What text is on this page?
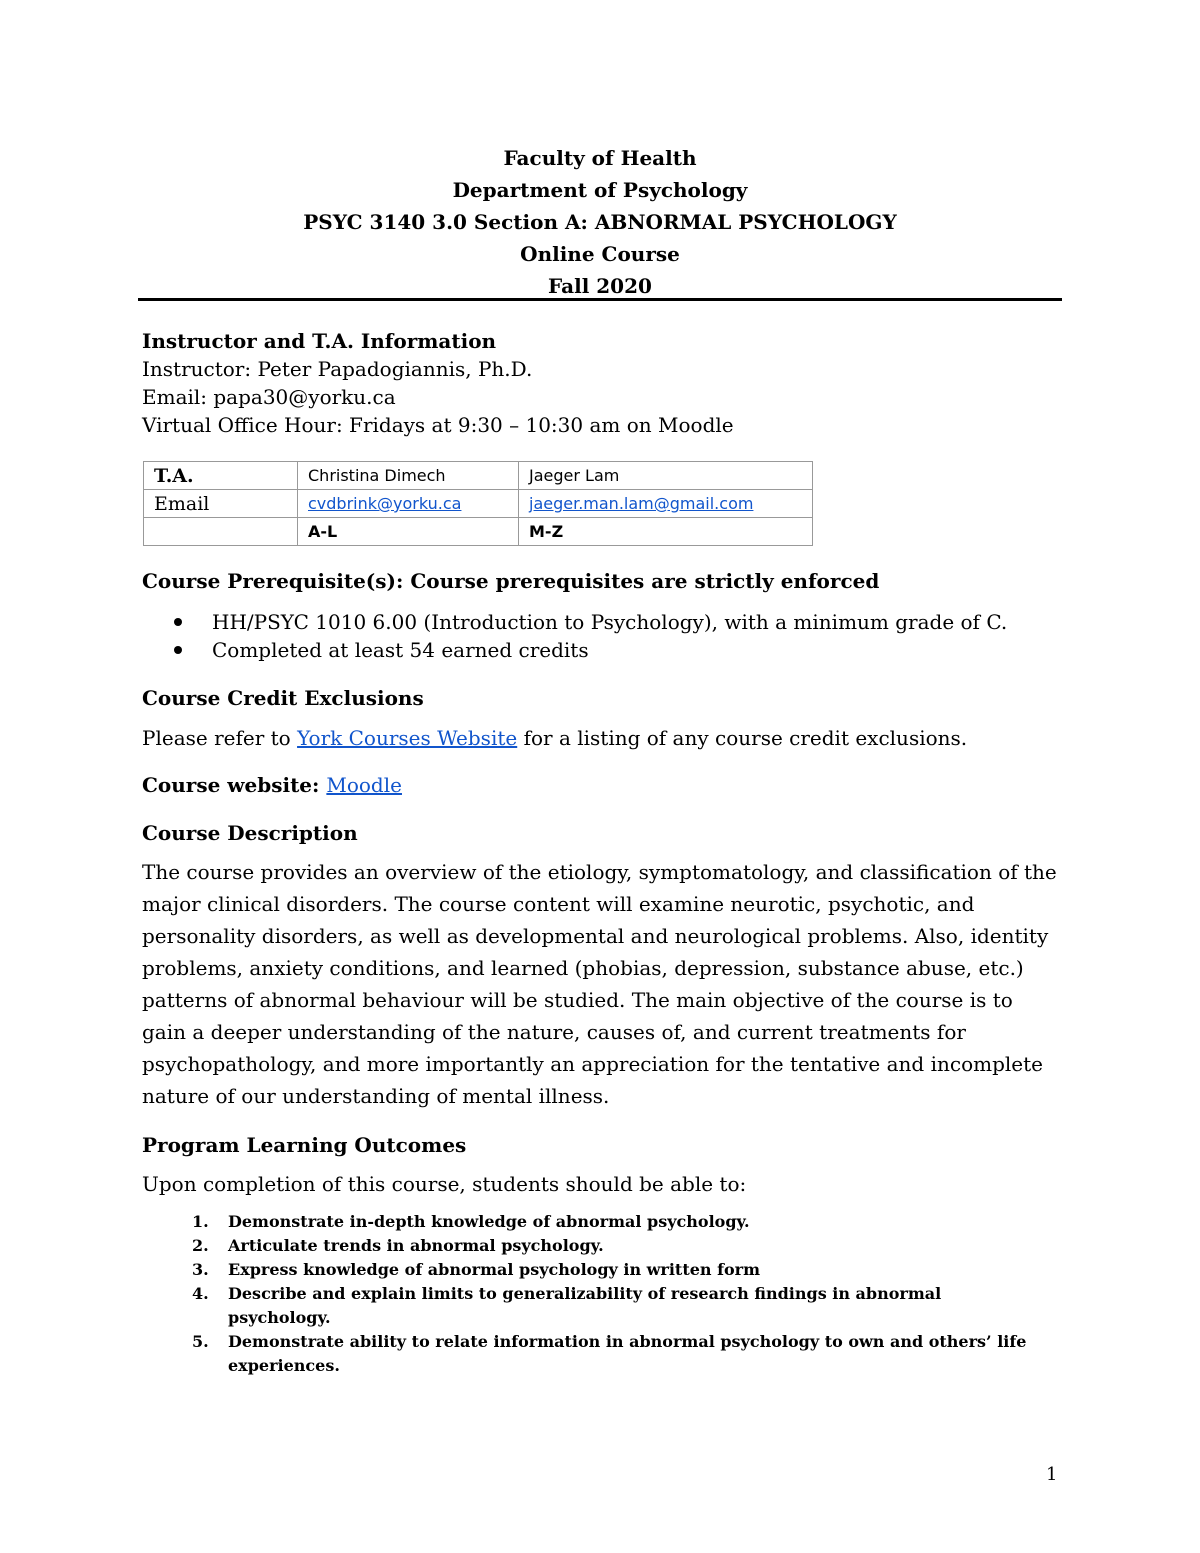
Faculty of Health
Department of Psychology
PSYC 3140 3.0 Section A: ABNORMAL PSYCHOLOGY
Online Course
Fall 2020
Instructor and T.A. Information
Instructor: Peter Papadogiannis, Ph.D.
Email: papa30@yorku.ca
Virtual Office Hour: Fridays at 9:30 – 10:30 am on Moodle
T.A.	Christina Dimech	Jaeger Lam
Email	cvdbrink@yorku.ca	jaeger.man.lam@gmail.com
	A-L	M-Z
Course Prerequisite(s): Course prerequisites are strictly enforced
HH/PSYC 1010 6.00 (Introduction to Psychology), with a minimum grade of C.
Completed at least 54 earned credits
Course Credit Exclusions
Please refer to York Courses Website for a listing of any course credit exclusions.
Course website: Moodle
Course Description
The course provides an overview of the etiology, symptomatology, and classification of the major clinical disorders. The course content will examine neurotic, psychotic, and personality disorders, as well as developmental and neurological problems. Also, identity problems, anxiety conditions, and learned (phobias, depression, substance abuse, etc.) patterns of abnormal behaviour will be studied. The main objective of the course is to gain a deeper understanding of the nature, causes of, and current treatments for psychopathology, and more importantly an appreciation for the tentative and incomplete nature of our understanding of mental illness.
Program Learning Outcomes
Upon completion of this course, students should be able to:
1. Demonstrate in-depth knowledge of abnormal psychology.
2. Articulate trends in abnormal psychology.
3. Express knowledge of abnormal psychology in written form
4. Describe and explain limits to generalizability of research findings in abnormal psychology.
5. Demonstrate ability to relate information in abnormal psychology to own and others’ life experiences.
1
